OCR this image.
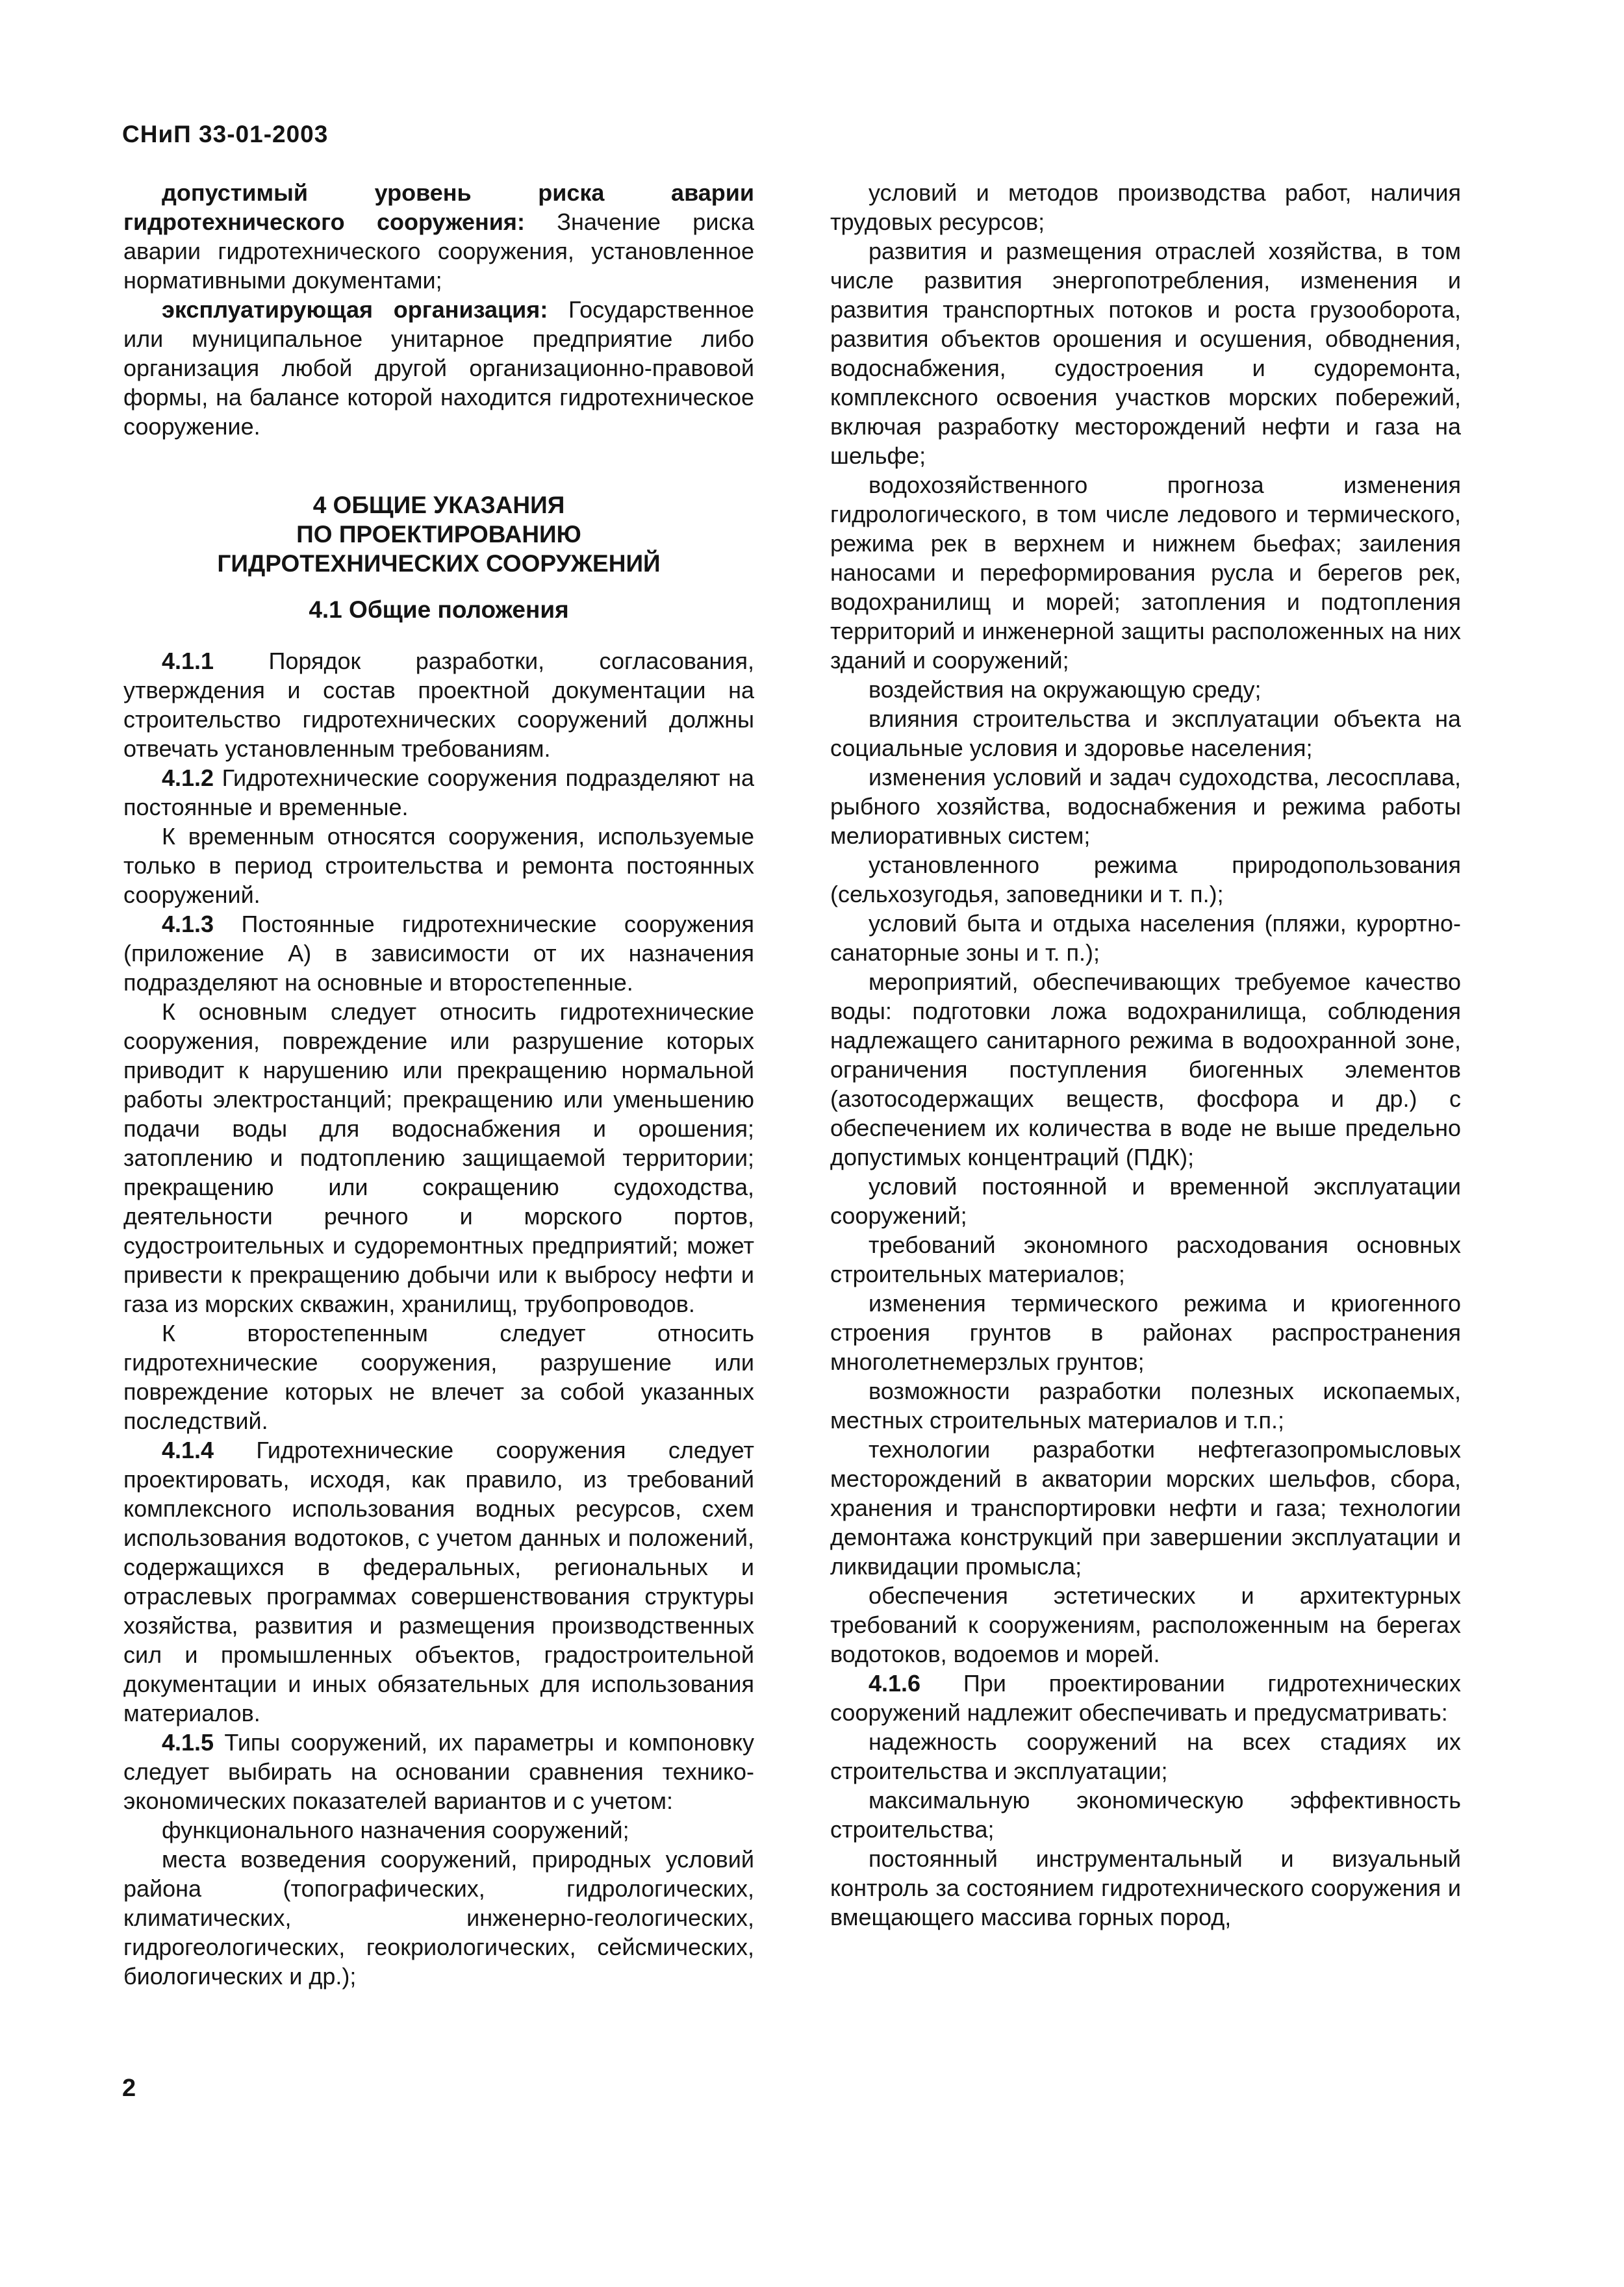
СНиП 33-01-2003

допустимый уровень риска аварии гидротехнического сооружения: Значение риска аварии гидротехнического сооружения, установленное нормативными документами;

эксплуатирующая организация: Государственное или муниципальное унитарное предприятие либо организация любой другой организационно-правовой формы, на балансе которой находится гидротехническое сооружение.

4 ОБЩИЕ УКАЗАНИЯ
ПО ПРОЕКТИРОВАНИЮ
ГИДРОТЕХНИЧЕСКИХ СООРУЖЕНИЙ
4.1 Общие положения

4.1.1 Порядок разработки, согласования, утверждения и состав проектной документации на строительство гидротехнических сооружений должны отвечать установленным требованиям.

4.1.2 Гидротехнические сооружения подразделяют на постоянные и временные.

К временным относятся сооружения, используемые только в период строительства и ремонта постоянных сооружений.

4.1.3 Постоянные гидротехнические сооружения (приложение А) в зависимости от их назначения подразделяют на основные и второстепенные.

К основным следует относить гидротехнические сооружения, повреждение или разрушение которых приводит к нарушению или прекращению нормальной работы электростанций; прекращению или уменьшению подачи воды для водоснабжения и орошения; затоплению и подтоплению защищаемой территории; прекращению или сокращению судоходства, деятельности речного и морского портов, судостроительных и судоремонтных предприятий; может привести к прекращению добычи или к выбросу нефти и газа из морских скважин, хранилищ, трубопроводов.

К второстепенным следует относить гидротехнические сооружения, разрушение или повреждение которых не влечет за собой указанных последствий.

4.1.4 Гидротехнические сооружения следует проектировать, исходя, как правило, из требований комплексного использования водных ресурсов, схем использования водотоков, с учетом данных и положений, содержащихся в федеральных, региональных и отраслевых программах совершенствования структуры хозяйства, развития и размещения производственных сил и промышленных объектов, градостроительной документации и иных обязательных для использования материалов.

4.1.5 Типы сооружений, их параметры и компоновку следует выбирать на основании сравнения технико-экономических показателей вариантов и с учетом:

функционального назначения сооружений;

места возведения сооружений, природных условий района (топографических, гидрологических, климатических, инженерно-геологических, гидрогеологических, геокриологических, сейсмических, биологических и др.);

условий и методов производства работ, наличия трудовых ресурсов;

развития и размещения отраслей хозяйства, в том числе развития энергопотребления, изменения и развития транспортных потоков и роста грузооборота, развития объектов орошения и осушения, обводнения, водоснабжения, судостроения и судоремонта, комплексного освоения участков морских побережий, включая разработку месторождений нефти и газа на шельфе;

водохозяйственного прогноза изменения гидрологического, в том числе ледового и термического, режима рек в верхнем и нижнем бьефах; заиления наносами и переформирования русла и берегов рек, водохранилищ и морей; затопления и подтопления территорий и инженерной защиты расположенных на них зданий и сооружений;

воздействия на окружающую среду;

влияния строительства и эксплуатации объекта на социальные условия и здоровье населения;

изменения условий и задач судоходства, лесосплава, рыбного хозяйства, водоснабжения и режима работы мелиоративных систем;

установленного режима природопользования (сельхозугодья, заповедники и т. п.);

условий быта и отдыха населения (пляжи, курортно-санаторные зоны и т. п.);

мероприятий, обеспечивающих требуемое качество воды: подготовки ложа водохранилища, соблюдения надлежащего санитарного режима в водоохранной зоне, ограничения поступления биогенных элементов (азотосодержащих веществ, фосфора и др.) с обеспечением их количества в воде не выше предельно допустимых концентраций (ПДК);

условий постоянной и временной эксплуатации сооружений;

требований экономного расходования основных строительных материалов;

изменения термического режима и криогенного строения грунтов в районах распространения многолетнемерзлых грунтов;

возможности разработки полезных ископаемых, местных строительных материалов и т.п.;

технологии разработки нефтегазопромысловых месторождений в акватории морских шельфов, сбора, хранения и транспортировки нефти и газа; технологии демонтажа конструкций при завершении эксплуатации и ликвидации промысла;

обеспечения эстетических и архитектурных требований к сооружениям, расположенным на берегах водотоков, водоемов и морей.

4.1.6 При проектировании гидротехнических сооружений надлежит обеспечивать и предусматривать:

надежность сооружений на всех стадиях их строительства и эксплуатации;

максимальную экономическую эффективность строительства;

постоянный инструментальный и визуальный контроль за состоянием гидротехнического сооружения и вмещающего массива горных пород,

2
